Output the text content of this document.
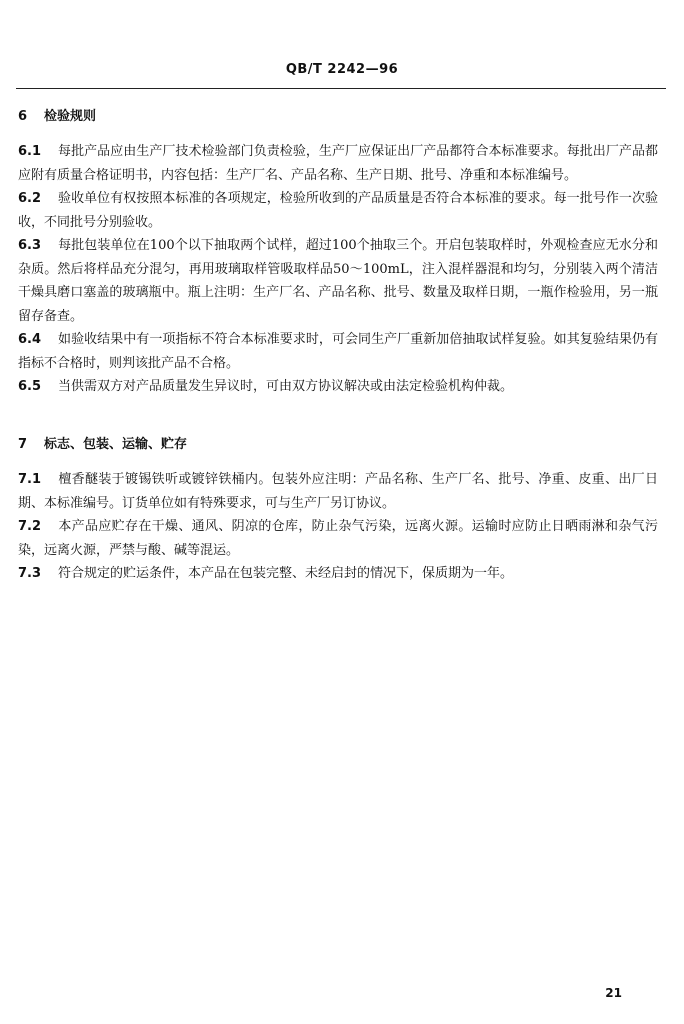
QB/T 2242—96
6 检验规则

6.1 每批产品应由生产厂技术检验部门负责检验，生产厂应保证出厂产品都符合本标准要求。每批出厂产品都应附有质量合格证明书，内容包括：生产厂名、产品名称、生产日期、批号、净重和本标准编号。

6.2 验收单位有权按照本标准的各项规定，检验所收到的产品质量是否符合本标准的要求。每一批号作一次验收，不同批号分别验收。

6.3 每批包装单位在100个以下抽取两个试样，超过100个抽取三个。开启包装取样时，外观检查应无水分和杂质。然后将样品充分混匀，再用玻璃取样管吸取样品50～100mL，注入混样器混和均匀，分别装入两个清洁干燥具磨口塞盖的玻璃瓶中。瓶上注明：生产厂名、产品名称、批号、数量及取样日期，一瓶作检验用，另一瓶留存备查。

6.4 如验收结果中有一项指标不符合本标准要求时，可会同生产厂重新加倍抽取试样复验。如其复验结果仍有指标不合格时，则判该批产品不合格。

6.5 当供需双方对产品质量发生异议时，可由双方协议解决或由法定检验机构仲裁。

7 标志、包装、运输、贮存

7.1 檀香醚装于镀锡铁听或镀锌铁桶内。包装外应注明：产品名称、生产厂名、批号、净重、皮重、出厂日期、本标准编号。订货单位如有特殊要求，可与生产厂另订协议。

7.2 本产品应贮存在干燥、通风、阴凉的仓库，防止杂气污染，远离火源。运输时应防止日晒雨淋和杂气污染，远离火源，严禁与酸、碱等混运。

7.3 符合规定的贮运条件，本产品在包装完整、未经启封的情况下，保质期为一年。

21
